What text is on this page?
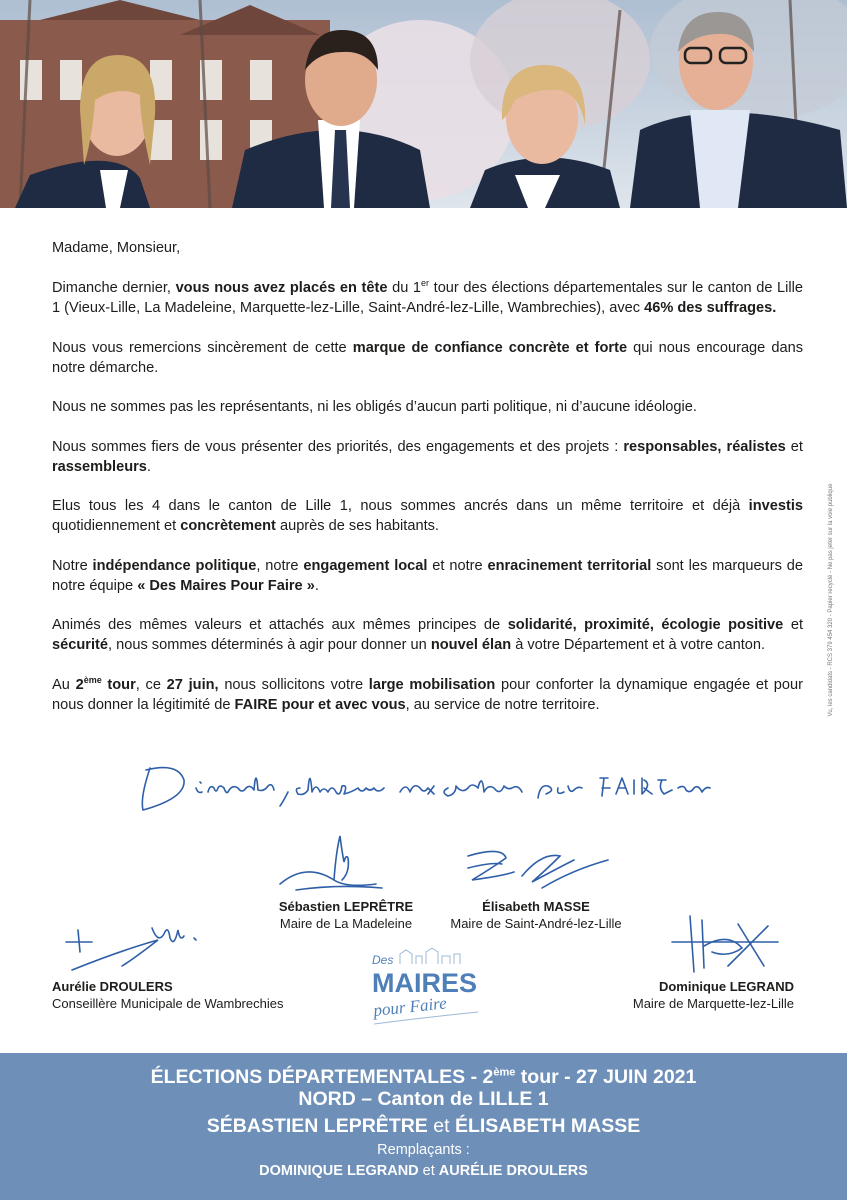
Madame, Monsieur,

Dimanche dernier, vous nous avez placés en tête du 1er tour des élections départementales sur le canton de Lille 1 (Vieux-Lille, La Madeleine, Marquette-lez-Lille, Saint-André-lez-Lille, Wambrechies), avec 46% des suffrages.

Nous vous remercions sincèrement de cette marque de confiance concrète et forte qui nous encourage dans notre démarche.

Nous ne sommes pas les représentants, ni les obligés d’aucun parti politique, ni d’aucune idéologie.

Nous sommes fiers de vous présenter des priorités, des engagements et des projets : responsables, réalistes et rassembleurs.

Elus tous les 4 dans le canton de Lille 1, nous sommes ancrés dans un même territoire et déjà investis quotidiennement et concrètement auprès de ses habitants.

Notre indépendance politique, notre engagement local et notre enracinement territorial sont les marqueurs de notre équipe « Des Maires Pour Faire ».

Animés des mêmes valeurs et attachés aux mêmes principes de solidarité, proximité, écologie positive et sécurité, nous sommes déterminés à agir pour donner un nouvel élan à votre Département et à votre canton.

Au 2ème tour, ce 27 juin, nous sollicitons votre large mobilisation pour conforter la dynamique engagée et pour nous donner la légitimité de FAIRE pour et avec vous, au service de notre territoire.	Vu, les candidats - RCS 379 454 320 - Papier recyclé - Ne pas jeter sur la voie publique
Sébastien LEPRÊTRE
Maire de La Madeleine
Élisabeth MASSE
Maire de Saint-André-lez-Lille
Aurélie DROULERS
Conseillère Municipale de Wambrechies
Dominique LEGRAND
Maire de Marquette-lez-Lille
Des
MAIRES
pour Faire
ÉLECTIONS DÉPARTEMENTALES - 2ème tour - 27 JUIN 2021
NORD – Canton de LILLE 1
SÉBASTIEN LEPRÊTRE et ÉLISABETH MASSE
Remplaçants :
DOMINIQUE LEGRAND et AURÉLIE DROULERS
